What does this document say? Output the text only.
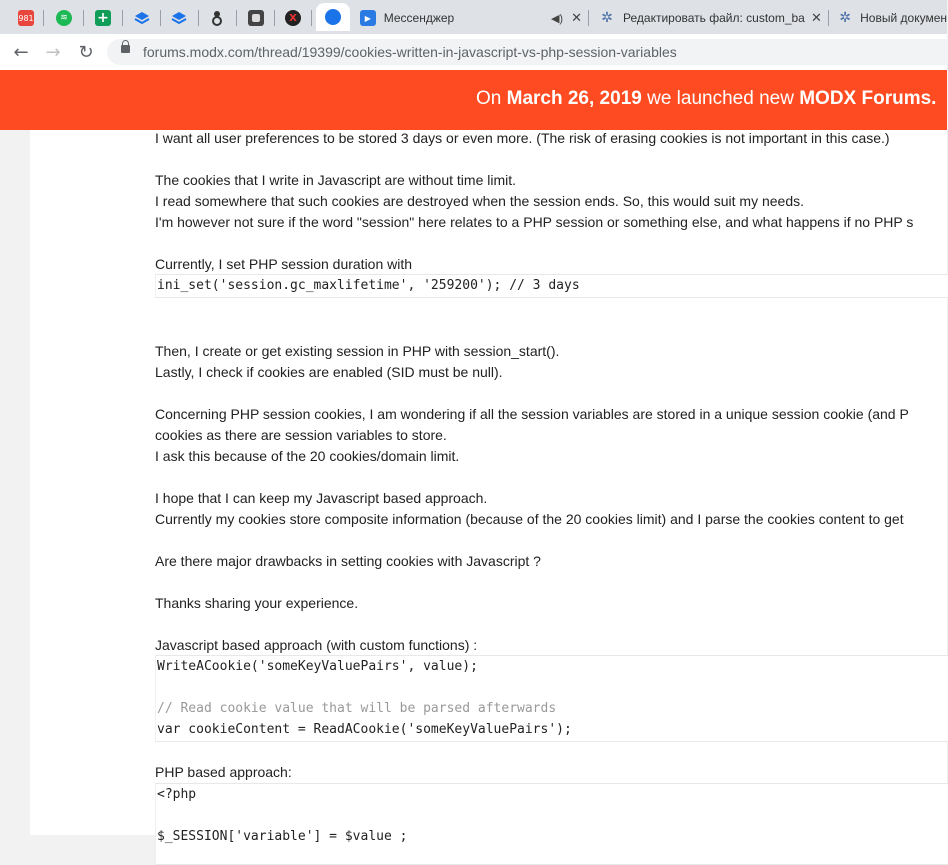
981	≋	+	X	▶	Мессенджер	◀) ✕ ✲ Редактировать файл: custom_ba ✕ ✲ Новый докумен
← → ↻	forums.modx.com/thread/19399/cookies-written-in-javascript-vs-php-session-variables
On March 26, 2019 we launched new MODX Forums.
I want all user preferences to be stored 3 days or even more. (The risk of erasing cookies is not important in this case.)
The cookies that I write in Javascript are without time limit.
I read somewhere that such cookies are destroyed when the session ends. So, this would suit my needs.
I'm however not sure if the word "session" here relates to a PHP session or something else, and what happens if no PHP s
Currently, I set PHP session duration with
ini_set('session.gc_maxlifetime', '259200'); // 3 days
Then, I create or get existing session in PHP with session_start().
Lastly, I check if cookies are enabled (SID must be null).
Concerning PHP session cookies, I am wondering if all the session variables are stored in a unique session cookie (and P
cookies as there are session variables to store.
I ask this because of the 20 cookies/domain limit.
I hope that I can keep my Javascript based approach.
Currently my cookies store composite information (because of the 20 cookies limit) and I parse the cookies content to get
Are there major drawbacks in setting cookies with Javascript ?
Thanks sharing your experience.
Javascript based approach (with custom functions) :
WriteACookie('someKeyValuePairs', value);
// Read cookie value that will be parsed afterwards
var cookieContent = ReadACookie('someKeyValuePairs');
PHP based approach:
<?php
$_SESSION['variable'] = $value ;
